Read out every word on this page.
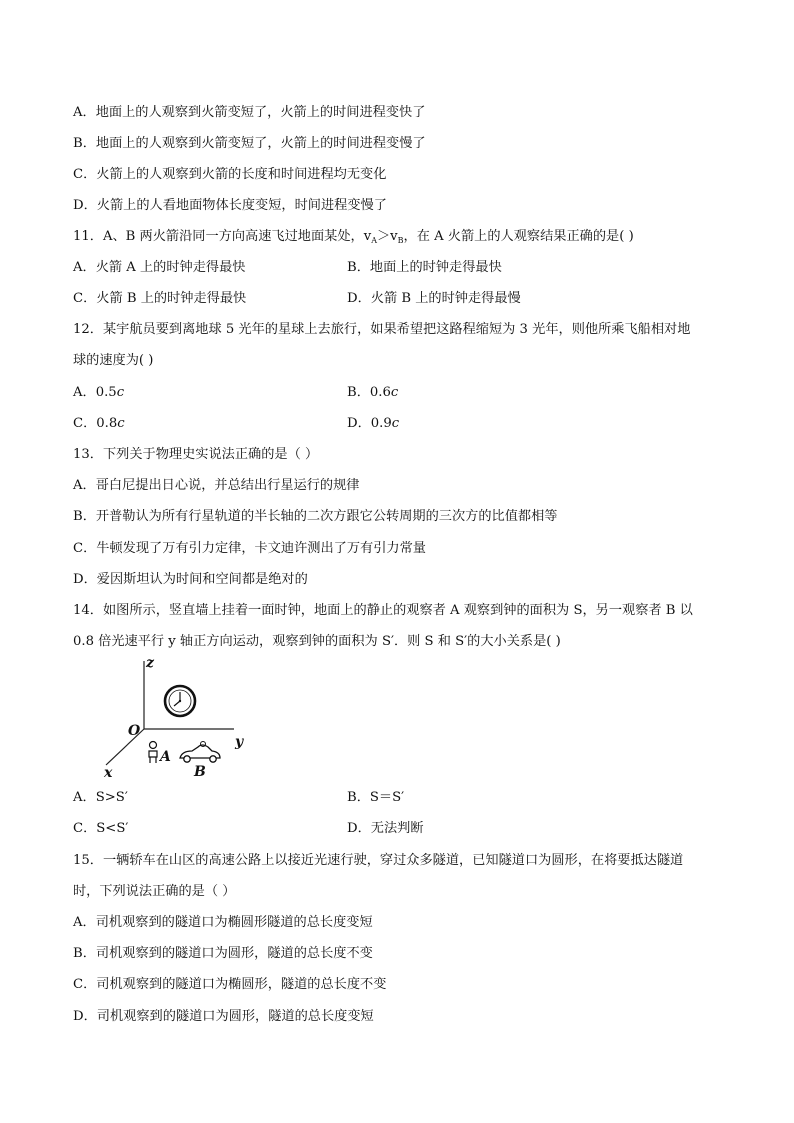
A．地面上的人观察到火箭变短了，火箭上的时间进程变快了
B．地面上的人观察到火箭变短了，火箭上的时间进程变慢了
C．火箭上的人观察到火箭的长度和时间进程均无变化
D．火箭上的人看地面物体长度变短，时间进程变慢了
11．A、B 两火箭沿同一方向高速飞过地面某处，$v_A>v_B$，在 A 火箭上的人观察结果正确的是( )
A．火箭 A 上的时钟走得最快	B．地面上的时钟走得最快
C．火箭 B 上的时钟走得最快	D．火箭 B 上的时钟走得最慢
12．某宇航员要到离地球 5 光年的星球上去旅行，如果希望把这路程缩短为 3 光年，则他所乘飞船相对地
球的速度为( )
A．0.5c	B．0.6c
C．0.8c	D．0.9c
13．下列关于物理史实说法正确的是（ ）
A．哥白尼提出日心说，并总结出行星运行的规律
B．开普勒认为所有行星轨道的半长轴的二次方跟它公转周期的三次方的比值都相等
C．牛顿发现了万有引力定律，卡文迪许测出了万有引力常量
D．爱因斯坦认为时间和空间都是绝对的
14．如图所示，竖直墙上挂着一面时钟，地面上的静止的观察者 A 观察到钟的面积为 S，另一观察者 B 以
0.8 倍光速平行 y 轴正方向运动，观察到钟的面积为 S′．则 S 和 S′的大小关系是( )
z
O
y
x
A
B
A．S>S′	B．S＝S′
C．S<S′	D．无法判断
15．一辆轿车在山区的高速公路上以接近光速行驶，穿过众多隧道，已知隧道口为圆形，在将要抵达隧道
时，下列说法正确的是（ ）
A．司机观察到的隧道口为椭圆形隧道的总长度变短
B．司机观察到的隧道口为圆形，隧道的总长度不变
C．司机观察到的隧道口为椭圆形，隧道的总长度不变
D．司机观察到的隧道口为圆形，隧道的总长度变短
